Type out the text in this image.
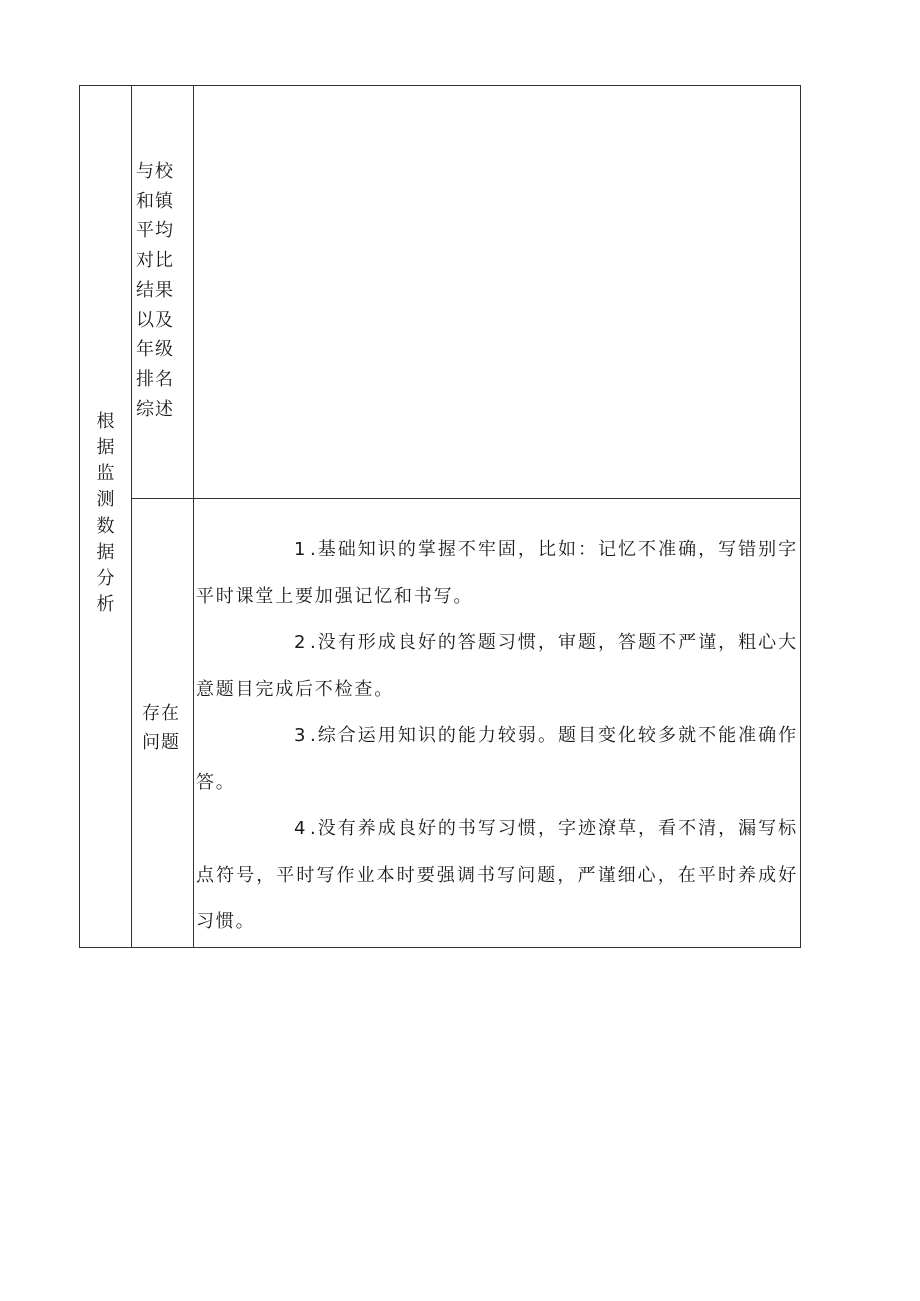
根据监测数据分析
与校和镇平均对比结果以及年级排名综述
存在问题

1 .基础知识的掌握不牢固，比如：记忆不准确，写错别字平时课堂上要加强记忆和书写。

2 .没有形成良好的答题习惯，审题，答题不严谨，粗心大意题目完成后不检查。

3 .综合运用知识的能力较弱。题目变化较多就不能准确作答。

4 .没有养成良好的书写习惯，字迹潦草，看不清，漏写标点符号，平时写作业本时要强调书写问题，严谨细心，在平时养成好习惯。
